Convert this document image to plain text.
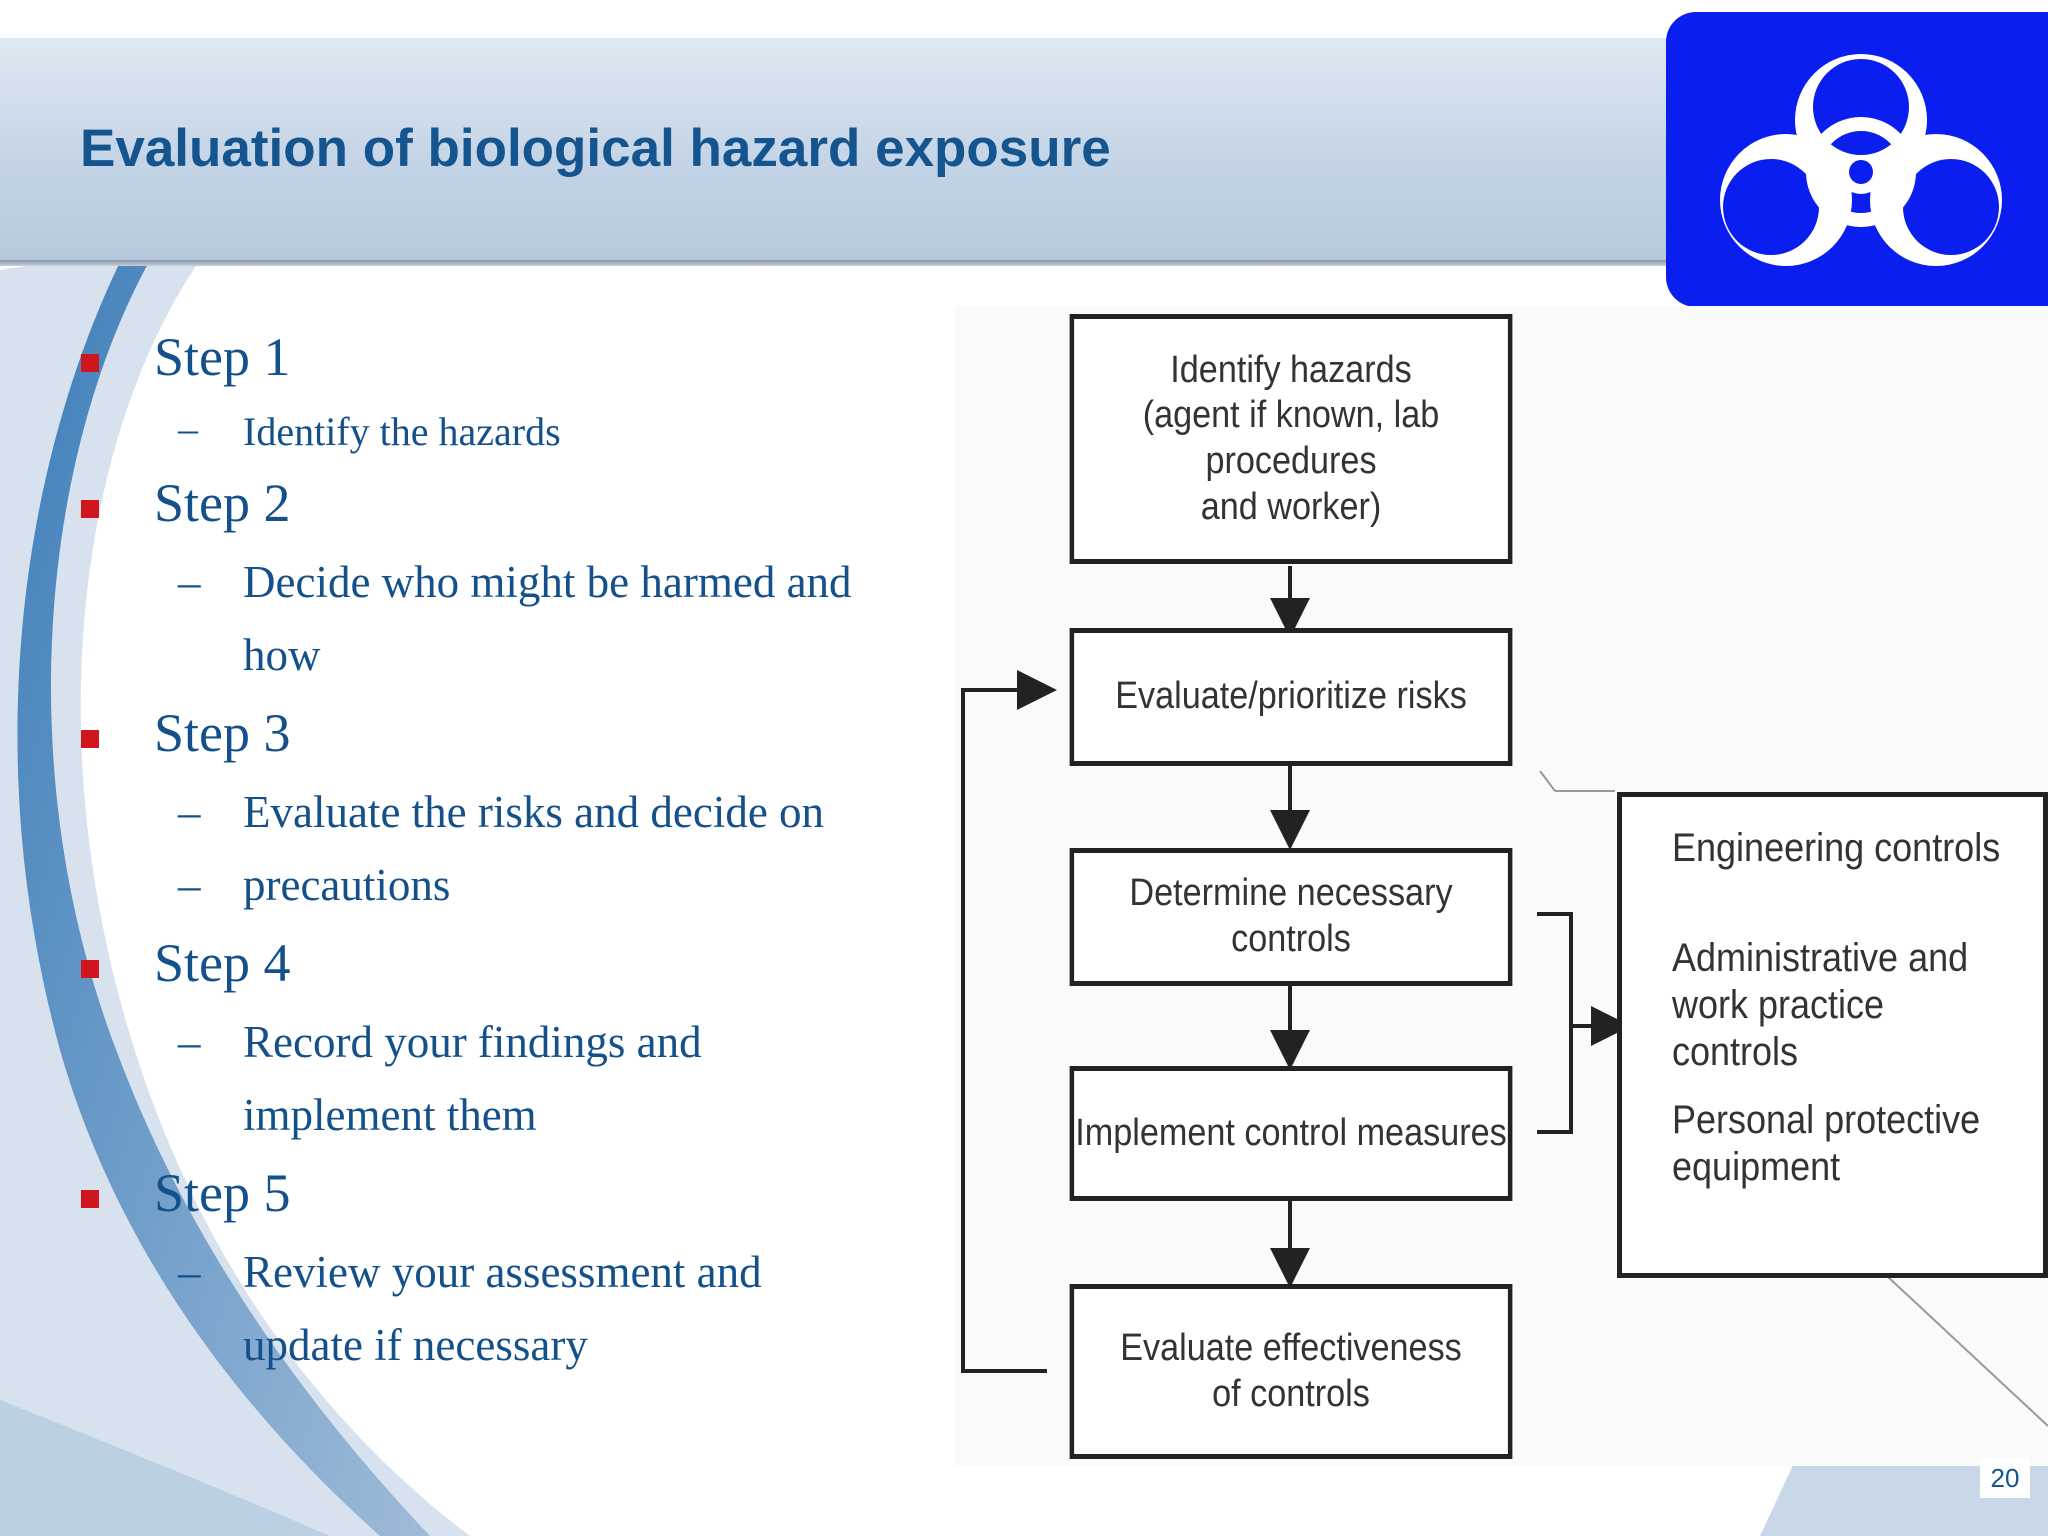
Evaluation of biological hazard exposure
Step 1
– Identify the hazards
Step 2
– Decide who might be harmed and
how
Step 3
– Evaluate the risks and decide on
– precautions
Step 4
– Record your findings and
implement them
Step 5
– Review your assessment and
update if necessary
Identify hazards
(agent if known, lab procedures
and worker)
Evaluate/prioritize risks
Determine necessary controls
Implement control measures
Evaluate effectiveness
of controls
Engineering controls
Administrative and
work practice controls
Personal protective
equipment
20
